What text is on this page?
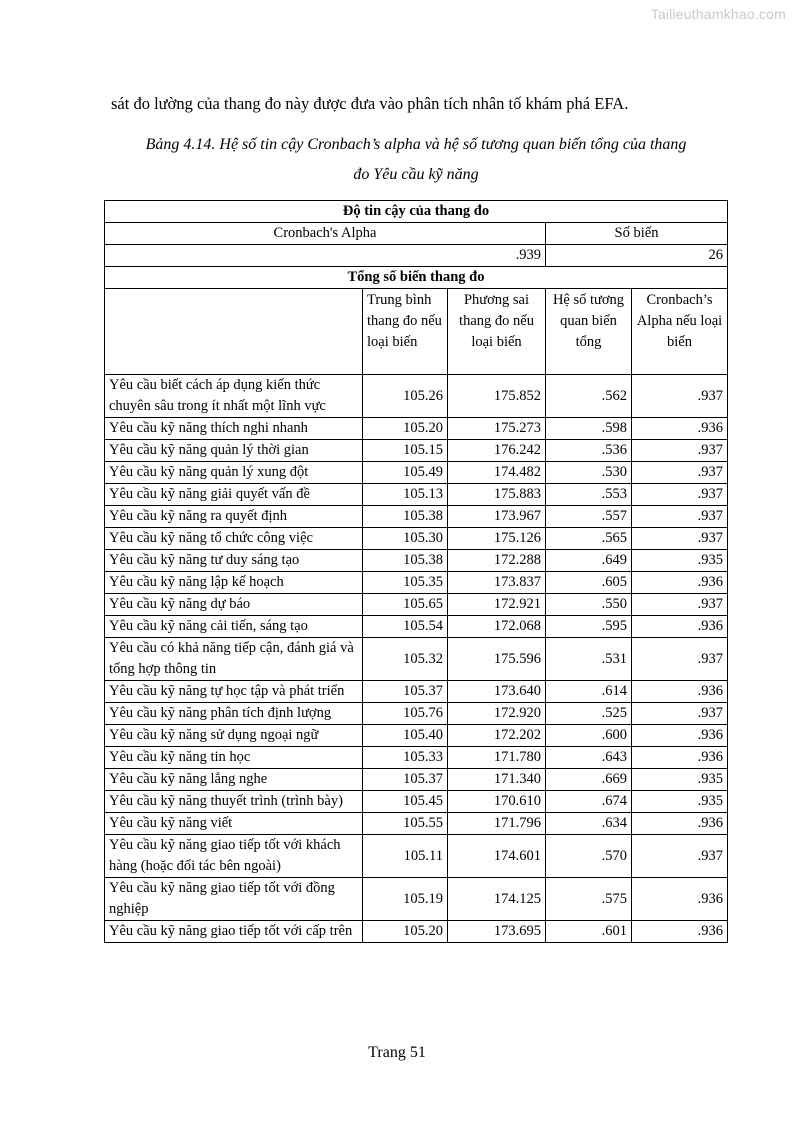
Tailieuthamkhao.com
sát đo lường của thang đo này được đưa vào phân tích nhân tố khám phá EFA.
Bảng 4.14. Hệ số tin cậy Cronbach’s alpha và hệ số tương quan biến tổng của thang
đo Yêu cầu kỹ năng
Độ tin cậy của thang đo				
Cronbach's Alpha			Số biến	
.939			26	
Tổng số biến thang đo				
	Trung bình thang đo nếu loại biến	Phương sai thang đo nếu loại biến	Hệ số tương quan biến tổng	Cronbach’s Alpha nếu loại biến
Yêu cầu biết cách áp dụng kiến thức chuyên sâu trong ít nhất một lĩnh vực	105.26	175.852	.562	.937
Yêu cầu kỹ năng thích nghi nhanh	105.20	175.273	.598	.936
Yêu cầu kỹ năng quản lý thời gian	105.15	176.242	.536	.937
Yêu cầu kỹ năng quản lý xung đột	105.49	174.482	.530	.937
Yêu cầu kỹ năng giải quyết vấn đề	105.13	175.883	.553	.937
Yêu cầu kỹ năng ra quyết định	105.38	173.967	.557	.937
Yêu cầu kỹ năng tổ chức công việc	105.30	175.126	.565	.937
Yêu cầu kỹ năng tư duy sáng tạo	105.38	172.288	.649	.935
Yêu cầu kỹ năng lập kế hoạch	105.35	173.837	.605	.936
Yêu cầu kỹ năng dự báo	105.65	172.921	.550	.937
Yêu cầu kỹ năng cải tiến, sáng tạo	105.54	172.068	.595	.936
Yêu cầu có khả năng tiếp cận, đánh giá và tổng hợp thông tin	105.32	175.596	.531	.937
Yêu cầu kỹ năng tự học tập và phát triển	105.37	173.640	.614	.936
Yêu cầu kỹ năng phân tích định lượng	105.76	172.920	.525	.937
Yêu cầu kỹ năng sử dụng ngoại ngữ	105.40	172.202	.600	.936
Yêu cầu kỹ năng tin học	105.33	171.780	.643	.936
Yêu cầu kỹ năng lắng nghe	105.37	171.340	.669	.935
Yêu cầu kỹ năng thuyết trình (trình bày)	105.45	170.610	.674	.935
Yêu cầu kỹ năng viết	105.55	171.796	.634	.936
Yêu cầu kỹ năng giao tiếp tốt với khách hàng (hoặc đối tác bên ngoài)	105.11	174.601	.570	.937
Yêu cầu kỹ năng giao tiếp tốt với đồng nghiệp	105.19	174.125	.575	.936
Yêu cầu kỹ năng giao tiếp tốt với cấp trên	105.20	173.695	.601	.936
Trang 51
